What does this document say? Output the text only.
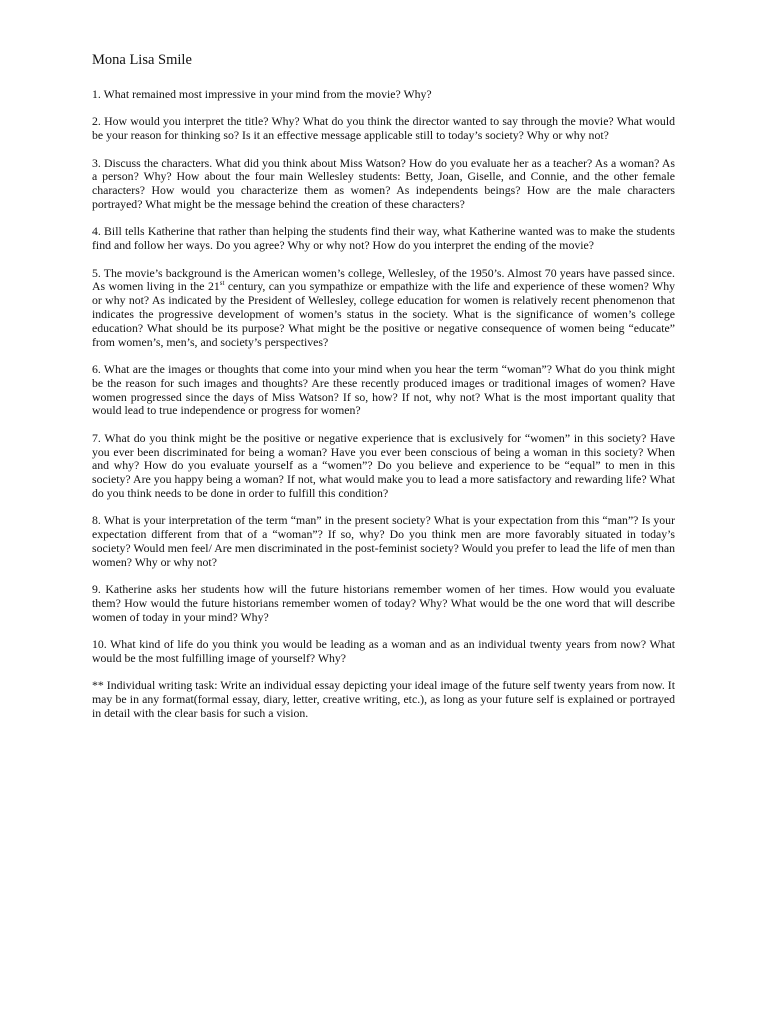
Mona Lisa Smile

1. What remained most impressive in your mind from the movie? Why?

2. How would you interpret the title? Why? What do you think the director wanted to say through the movie? What would be your reason for thinking so? Is it an effective message applicable still to today’s society? Why or why not?

3. Discuss the characters. What did you think about Miss Watson? How do you evaluate her as a teacher? As a woman? As a person? Why? How about the four main Wellesley students: Betty, Joan, Giselle, and Connie, and the other female characters? How would you characterize them as women? As independents beings? How are the male characters portrayed? What might be the message behind the creation of these characters?

4. Bill tells Katherine that rather than helping the students find their way, what Katherine wanted was to make the students find and follow her ways. Do you agree? Why or why not? How do you interpret the ending of the movie?

5. The movie’s background is the American women’s college, Wellesley, of the 1950’s. Almost 70 years have passed since. As women living in the 21st century, can you sympathize or empathize with the life and experience of these women? Why or why not? As indicated by the President of Wellesley, college education for women is relatively recent phenomenon that indicates the progressive development of women’s status in the society. What is the significance of women’s college education? What should be its purpose? What might be the positive or negative consequence of women being “educate” from women’s, men’s, and society’s perspectives?

6. What are the images or thoughts that come into your mind when you hear the term “woman”? What do you think might be the reason for such images and thoughts? Are these recently produced images or traditional images of women? Have women progressed since the days of Miss Watson? If so, how? If not, why not? What is the most important quality that would lead to true independence or progress for women?

7. What do you think might be the positive or negative experience that is exclusively for “women” in this society? Have you ever been discriminated for being a woman? Have you ever been conscious of being a woman in this society? When and why? How do you evaluate yourself as a “women”? Do you believe and experience to be “equal” to men in this society? Are you happy being a woman? If not, what would make you to lead a more satisfactory and rewarding life? What do you think needs to be done in order to fulfill this condition?

8. What is your interpretation of the term “man” in the present society? What is your expectation from this “man”? Is your expectation different from that of a “woman”? If so, why? Do you think men are more favorably situated in today’s society? Would men feel/ Are men discriminated in the post-feminist society? Would you prefer to lead the life of men than women? Why or why not?

9. Katherine asks her students how will the future historians remember women of her times. How would you evaluate them? How would the future historians remember women of today? Why? What would be the one word that will describe women of today in your mind? Why?

10. What kind of life do you think you would be leading as a woman and as an individual twenty years from now? What would be the most fulfilling image of yourself? Why?

** Individual writing task: Write an individual essay depicting your ideal image of the future self twenty years from now. It may be in any format(formal essay, diary, letter, creative writing, etc.), as long as your future self is explained or portrayed in detail with the clear basis for such a vision.
